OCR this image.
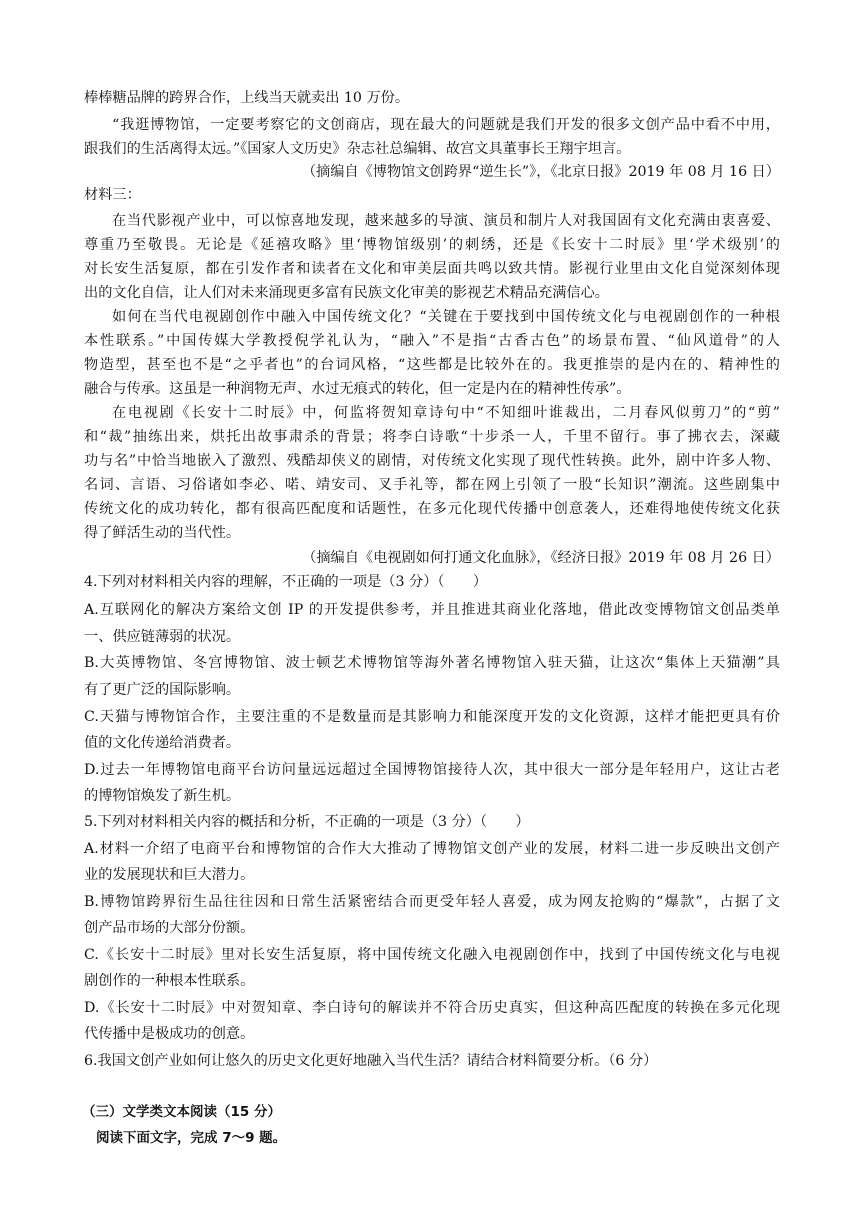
棒棒糖品牌的跨界合作，上线当天就卖出 10 万份。
“我逛博物馆，一定要考察它的文创商店，现在最大的问题就是我们开发的很多文创产品中看不中用，
跟我们的生活离得太远。”《国家人文历史》杂志社总编辑、故宫文具董事长王翔宇坦言。
（摘编自《博物馆文创跨界“逆生长”》，《北京日报》2019 年 08 月 16 日）
材料三：
在当代影视产业中，可以惊喜地发现，越来越多的导演、演员和制片人对我国固有文化充满由衷喜爱、
尊重乃至敬畏。无论是《延禧攻略》里‘博物馆级别’的刺绣，还是《长安十二时辰》里‘学术级别’的
对长安生活复原，都在引发作者和读者在文化和审美层面共鸣以致共情。影视行业里由文化自觉深刻体现
出的文化自信，让人们对未来涌现更多富有民族文化审美的影视艺术精品充满信心。
如何在当代电视剧创作中融入中国传统文化？“关键在于要找到中国传统文化与电视剧创作的一种根
本性联系。”中国传媒大学教授倪学礼认为，“融入”不是指“古香古色”的场景布置、“仙风道骨”的人
物造型，甚至也不是“之乎者也”的台词风格，“这些都是比较外在的。我更推崇的是内在的、精神性的
融合与传承。这虽是一种润物无声、水过无痕式的转化，但一定是内在的精神性传承”。
在电视剧《长安十二时辰》中，何监将贺知章诗句中“不知细叶谁裁出，二月春风似剪刀”的“剪”
和“裁”抽练出来，烘托出故事肃杀的背景；将李白诗歌“十步杀一人，千里不留行。事了拂衣去，深藏
功与名”中恰当地嵌入了激烈、残酷却侠义的剧情，对传统文化实现了现代性转换。此外，剧中许多人物、
名词、言语、习俗诸如李必、喏、靖安司、叉手礼等，都在网上引领了一股“长知识”潮流。这些剧集中
传统文化的成功转化，都有很高匹配度和话题性，在多元化现代传播中创意袭人，还难得地使传统文化获
得了鲜活生动的当代性。
（摘编自《电视剧如何打通文化血脉》，《经济日报》2019 年 08 月 26 日）
4.下列对材料相关内容的理解，不正确的一项是（3 分）（　　）
A.互联网化的解决方案给文创 IP 的开发提供参考，并且推进其商业化落地，借此改变博物馆文创品类单
一、供应链薄弱的状况。
B.大英博物馆、冬宫博物馆、波士顿艺术博物馆等海外著名博物馆入驻天猫，让这次“集体上天猫潮”具
有了更广泛的国际影响。
C.天猫与博物馆合作，主要注重的不是数量而是其影响力和能深度开发的文化资源，这样才能把更具有价
值的文化传递给消费者。
D.过去一年博物馆电商平台访问量远远超过全国博物馆接待人次，其中很大一部分是年轻用户，这让古老
的博物馆焕发了新生机。
5.下列对材料相关内容的概括和分析，不正确的一项是（3 分）（　　）
A.材料一介绍了电商平台和博物馆的合作大大推动了博物馆文创产业的发展，材料二进一步反映出文创产
业的发展现状和巨大潜力。
B.博物馆跨界衍生品往往因和日常生活紧密结合而更受年轻人喜爱，成为网友抢购的“爆款”，占据了文
创产品市场的大部分份额。
C.《长安十二时辰》里对长安生活复原，将中国传统文化融入电视剧创作中，找到了中国传统文化与电视
剧创作的一种根本性联系。
D.《长安十二时辰》中对贺知章、李白诗句的解读并不符合历史真实，但这种高匹配度的转换在多元化现
代传播中是极成功的创意。
6.我国文创产业如何让悠久的历史文化更好地融入当代生活？请结合材料简要分析。（6 分）
（三）文学类文本阅读（15 分）
阅读下面文字，完成 7～9 题。
